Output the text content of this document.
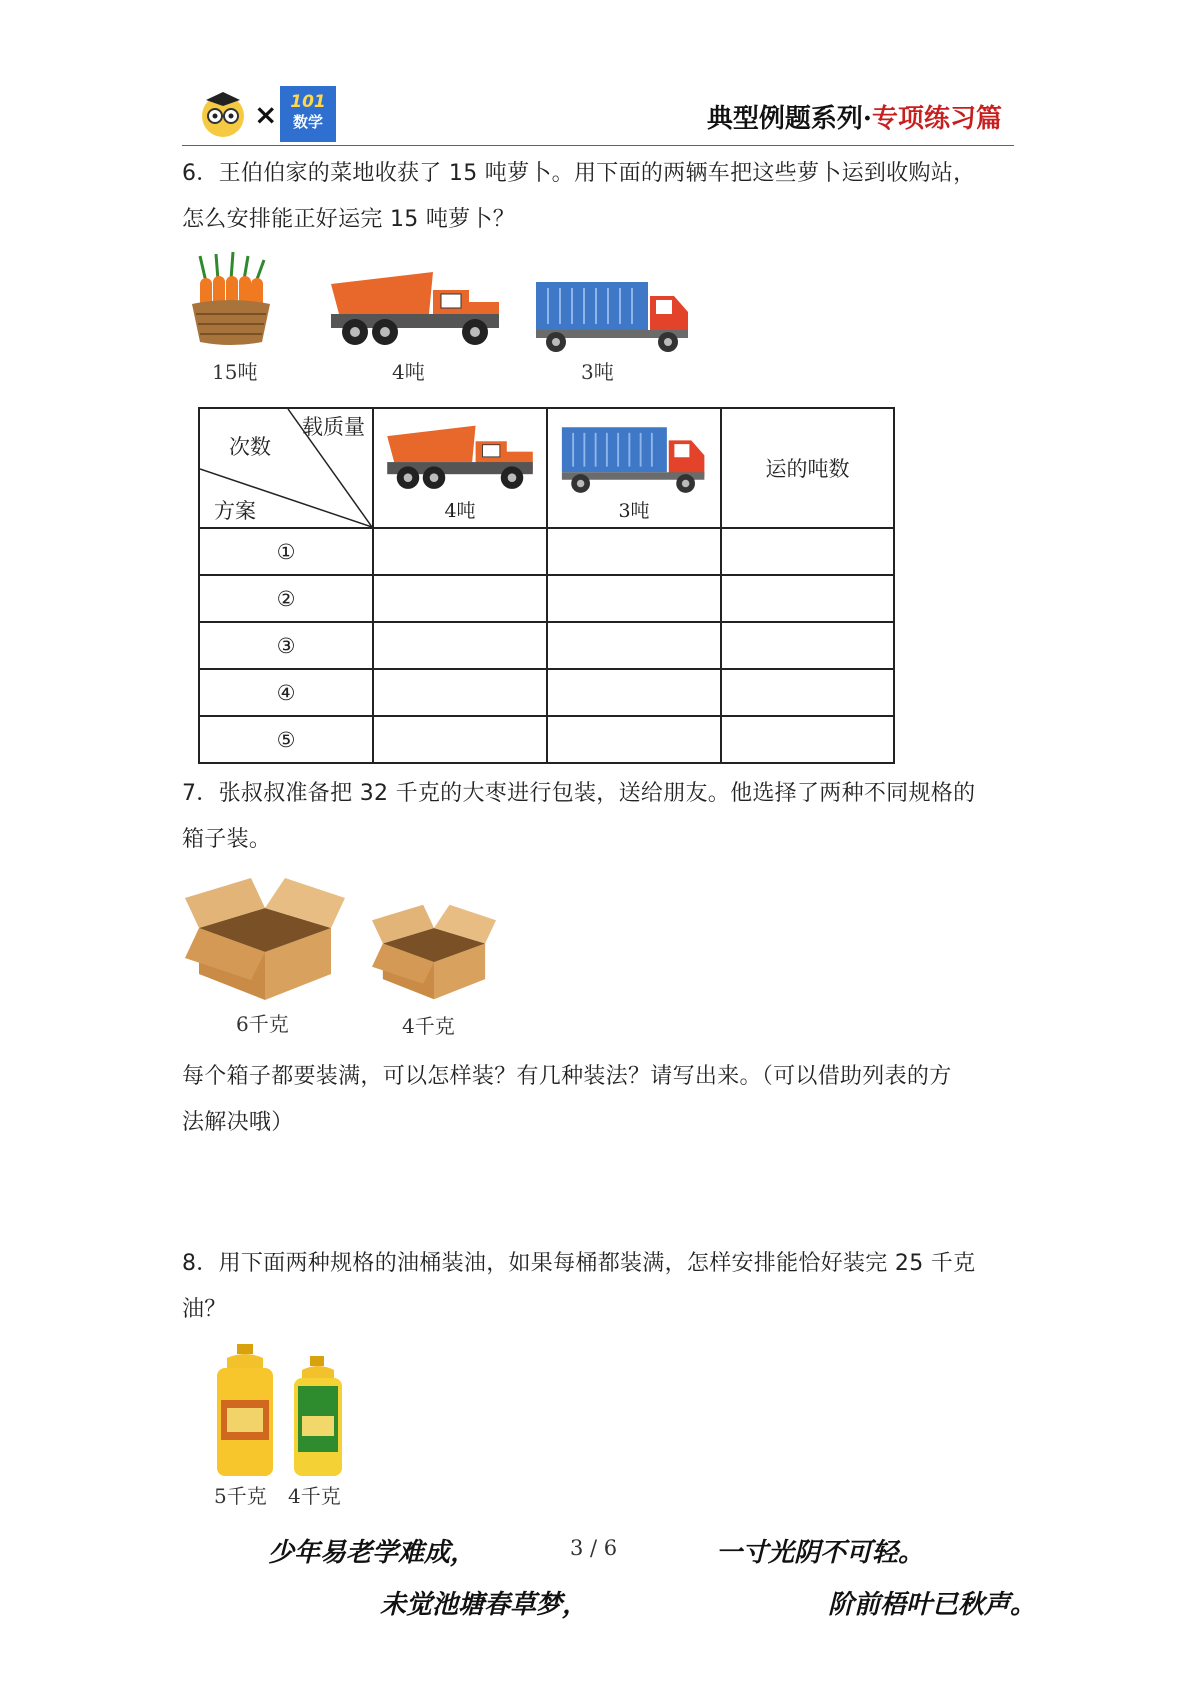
× 101
数学	典型例题系列·专项练习篇
6．王伯伯家的菜地收获了 15 吨萝卜。用下面的两辆车把这些萝卜运到收购站，
怎么安排能正好运完 15 吨萝卜？
15吨	4吨	3吨
次数
载质量
方案	4吨	3吨	运的吨数
①			
②			
③			
④			
⑤			
7．张叔叔准备把 32 千克的大枣进行包装，送给朋友。他选择了两种不同规格的
箱子装。
6千克	4千克
每个箱子都要装满，可以怎样装？有几种装法？请写出来。（可以借助列表的方
法解决哦）
8．用下面两种规格的油桶装油，如果每桶都装满，怎样安排能恰好装完 25 千克
油？
5千克 4千克
少年易老学难成，	3 / 6	一寸光阴不可轻。
未觉池塘春草梦，	阶前梧叶已秋声。
